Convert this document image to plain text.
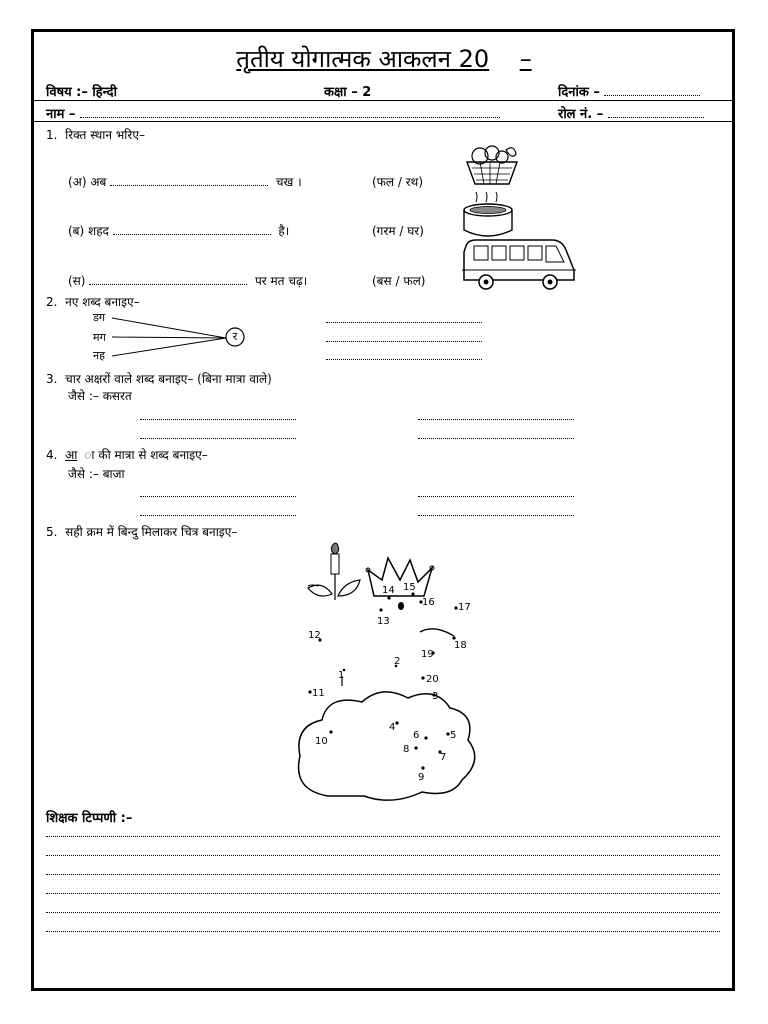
तृतीय योगात्मक आकलन 20 –
विषय :– हिन्दी	कक्षा – 2	दिनांक –
नाम –	रोल नं. –
1. रिक्त स्थान भरिए–
(अ) अब	चख ।	(फल / रथ)
(ब) शहद	है।	(गरम / घर)
(स)	पर मत चढ़।	(बस / फल)
2. नए शब्द बनाइए–
डग
मग
नह
र
3. चार अक्षरों वाले शब्द बनाइए– (बिना मात्रा वाले)
जैसे :– कसरत
4. आ की मात्रा से शब्द बनाइए–
जैसे :– बाजा
5. सही क्रम में बिन्दु मिलाकर चित्र बनाइए–
1
2
3
4
5
6
7
8
9
10
11
12
13
14 15
16 17
18
19
20
शिक्षक टिप्पणी :–
